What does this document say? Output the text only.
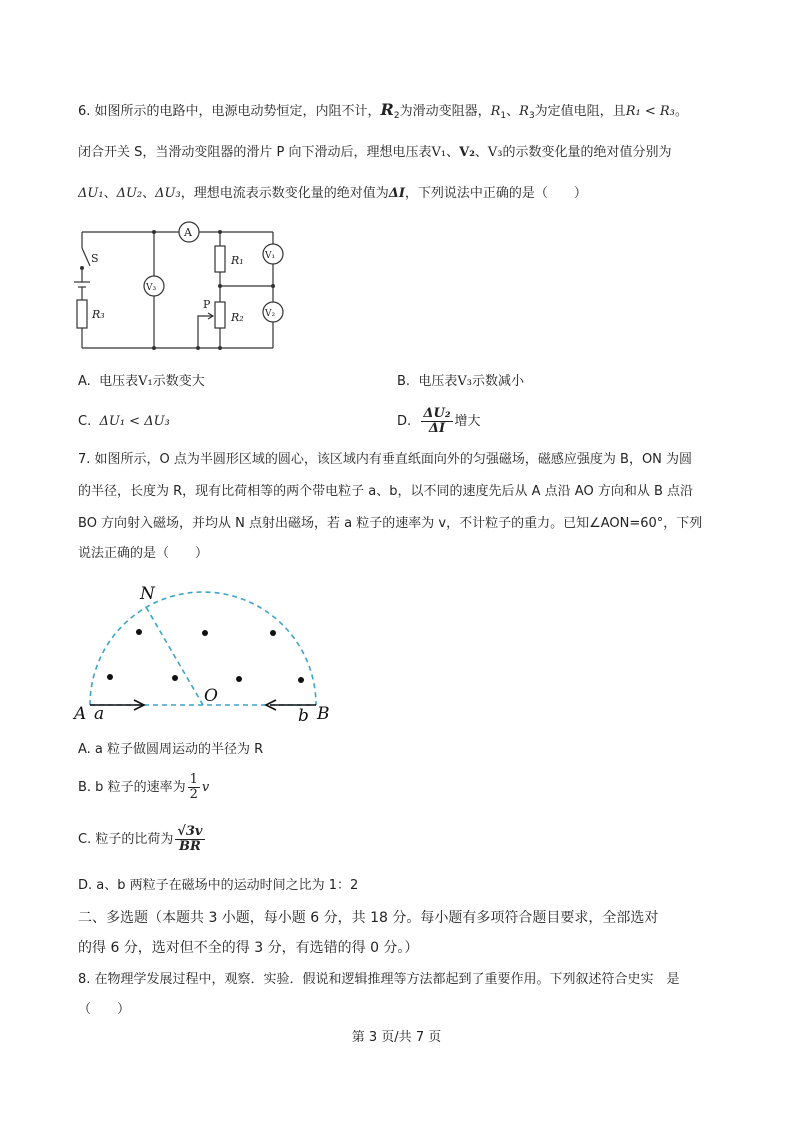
6. 如图所示的电路中，电源电动势恒定，内阻不计，$R_2$为滑动变阻器，$R_1$、$R_3$为定值电阻，且R₁ < R₃。
闭合开关 S，当滑动变阻器的滑片 P 向下滑动后，理想电压表V₁、V₂、V₃的示数变化量的绝对值分别为
ΔU₁、ΔU₂、ΔU₃，理想电流表示数变化量的绝对值为ΔI，下列说法中正确的是（　　）
A
S
R₃
R₁
R₂
V₃
V₁
V₂
P
A. 电压表V₁示数变大	B. 电压表V₃示数减小
C. ΔU₁ < ΔU₃	D. $\frac{\text{ΔU₂}}{\Delta I}$ 增大
7. 如图所示，O 点为半圆形区域的圆心，该区域内有垂直纸面向外的匀强磁场，磁感应强度为 B，ON 为圆
的半径，长度为 R，现有比荷相等的两个带电粒子 a、b，以不同的速度先后从 A 点沿 AO 方向和从 B 点沿
BO 方向射入磁场，并均从 N 点射出磁场，若 a 粒子的速率为 v，不计粒子的重力。已知∠AON=60°，下列
说法正确的是（　　）
N
O
A	B
a	b
A. a 粒子做圆周运动的半径为 R
B. b 粒子的速率为 $\frac{1}{2}$ v
C. 粒子的比荷为 $\frac{√3v}{BR}$
D. a、b 两粒子在磁场中的运动时间之比为 1：2
二、多选题（本题共 3 小题，每小题 6 分，共 18 分。每小题有多项符合题目要求，全部选对
的得 6 分，选对但不全的得 3 分，有选错的得 0 分。）
8. 在物理学发展过程中，观察．实验．假说和逻辑推理等方法都起到了重要作用。下列叙述符合史实　是
（　　）
第 3 页/共 7 页
